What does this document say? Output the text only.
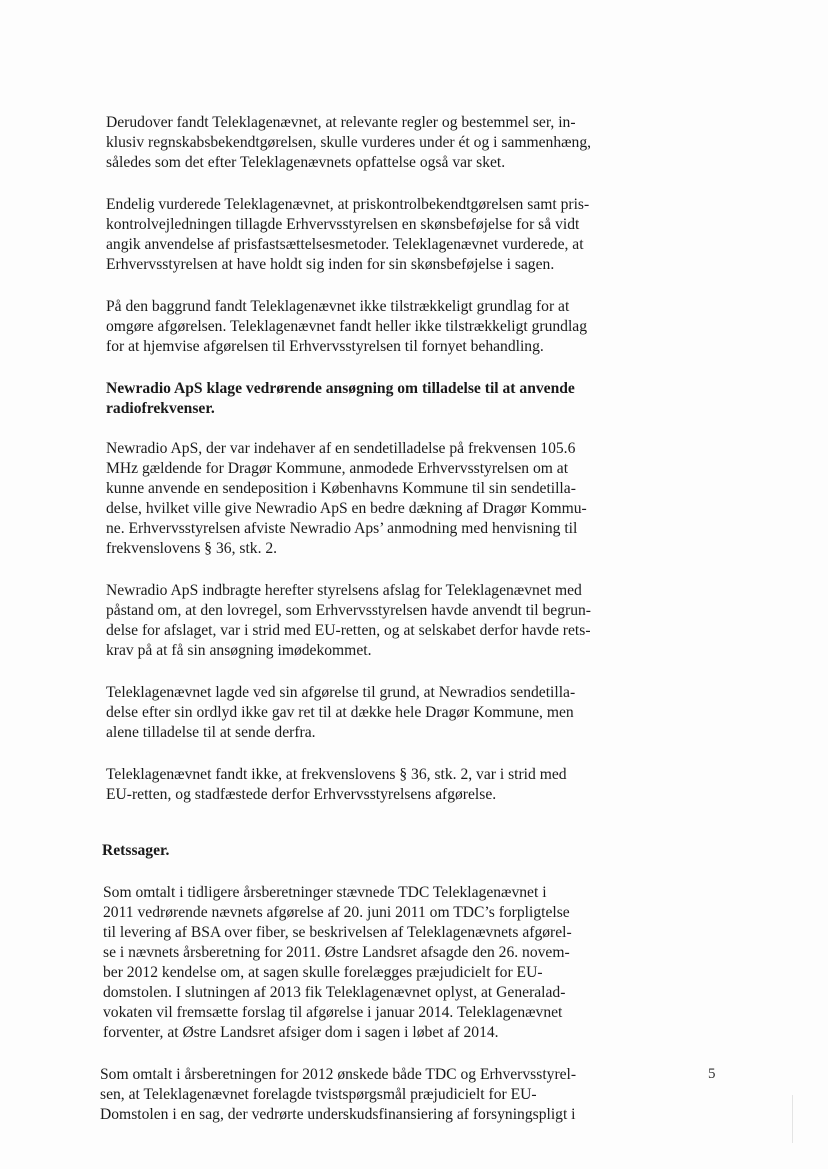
Derudover fandt Teleklagenævnet, at relevante regler og bestemmel ser, in-
klusiv regnskabsbekendtgørelsen, skulle vurderes under ét og i sammenhæng,
således som det efter Teleklagenævnets opfattelse også var sket.

Endelig vurderede Teleklagenævnet, at priskontrolbekendtgørelsen samt pris-
kontrolvejledningen tillagde Erhvervsstyrelsen en skønsbeføjelse for så vidt
angik anvendelse af prisfastsættelsesmetoder. Teleklagenævnet vurderede, at
Erhvervsstyrelsen at have holdt sig inden for sin skønsbeføjelse i sagen.

På den baggrund fandt Teleklagenævnet ikke tilstrækkeligt grundlag for at
omgøre afgørelsen. Teleklagenævnet fandt heller ikke tilstrækkeligt grundlag
for at hjemvise afgørelsen til Erhvervsstyrelsen til fornyet behandling.

Newradio ApS klage vedrørende ansøgning om tilladelse til at anvende
radiofrekvenser.

Newradio ApS, der var indehaver af en sendetilladelse på frekvensen 105.6
MHz gældende for Dragør Kommune, anmodede Erhvervsstyrelsen om at
kunne anvende en sendeposition i Københavns Kommune til sin sendetilla-
delse, hvilket ville give Newradio ApS en bedre dækning af Dragør Kommu-
ne. Erhvervsstyrelsen afviste Newradio Aps’ anmodning med henvisning til
frekvenslovens § 36, stk. 2.

Newradio ApS indbragte herefter styrelsens afslag for Teleklagenævnet med
påstand om, at den lovregel, som Erhvervsstyrelsen havde anvendt til begrun-
delse for afslaget, var i strid med EU-retten, og at selskabet derfor havde rets-
krav på at få sin ansøgning imødekommet.

Teleklagenævnet lagde ved sin afgørelse til grund, at Newradios sendetilla-
delse efter sin ordlyd ikke gav ret til at dække hele Dragør Kommune, men
alene tilladelse til at sende derfra.

Teleklagenævnet fandt ikke, at frekvenslovens § 36, stk. 2, var i strid med
EU-retten, og stadfæstede derfor Erhvervsstyrelsens afgørelse.

Retssager.

Som omtalt i tidligere årsberetninger stævnede TDC Teleklagenævnet i
2011 vedrørende nævnets afgørelse af 20. juni 2011 om TDC’s forpligtelse
til levering af BSA over fiber, se beskrivelsen af Teleklagenævnets afgørel-
se i nævnets årsberetning for 2011. Østre Landsret afsagde den 26. novem-
ber 2012 kendelse om, at sagen skulle forelægges præjudicielt for EU-
domstolen. I slutningen af 2013 fik Teleklagenævnet oplyst, at Generalad-
vokaten vil fremsætte forslag til afgørelse i januar 2014. Teleklagenævnet
forventer, at Østre Landsret afsiger dom i sagen i løbet af 2014.

Som omtalt i årsberetningen for 2012 ønskede både TDC og Erhvervsstyrel-
sen, at Teleklagenævnet forelagde tvistspørgsmål præjudicielt for EU-
Domstolen i en sag, der vedrørte underskudsfinansiering af forsyningspligt i

5
